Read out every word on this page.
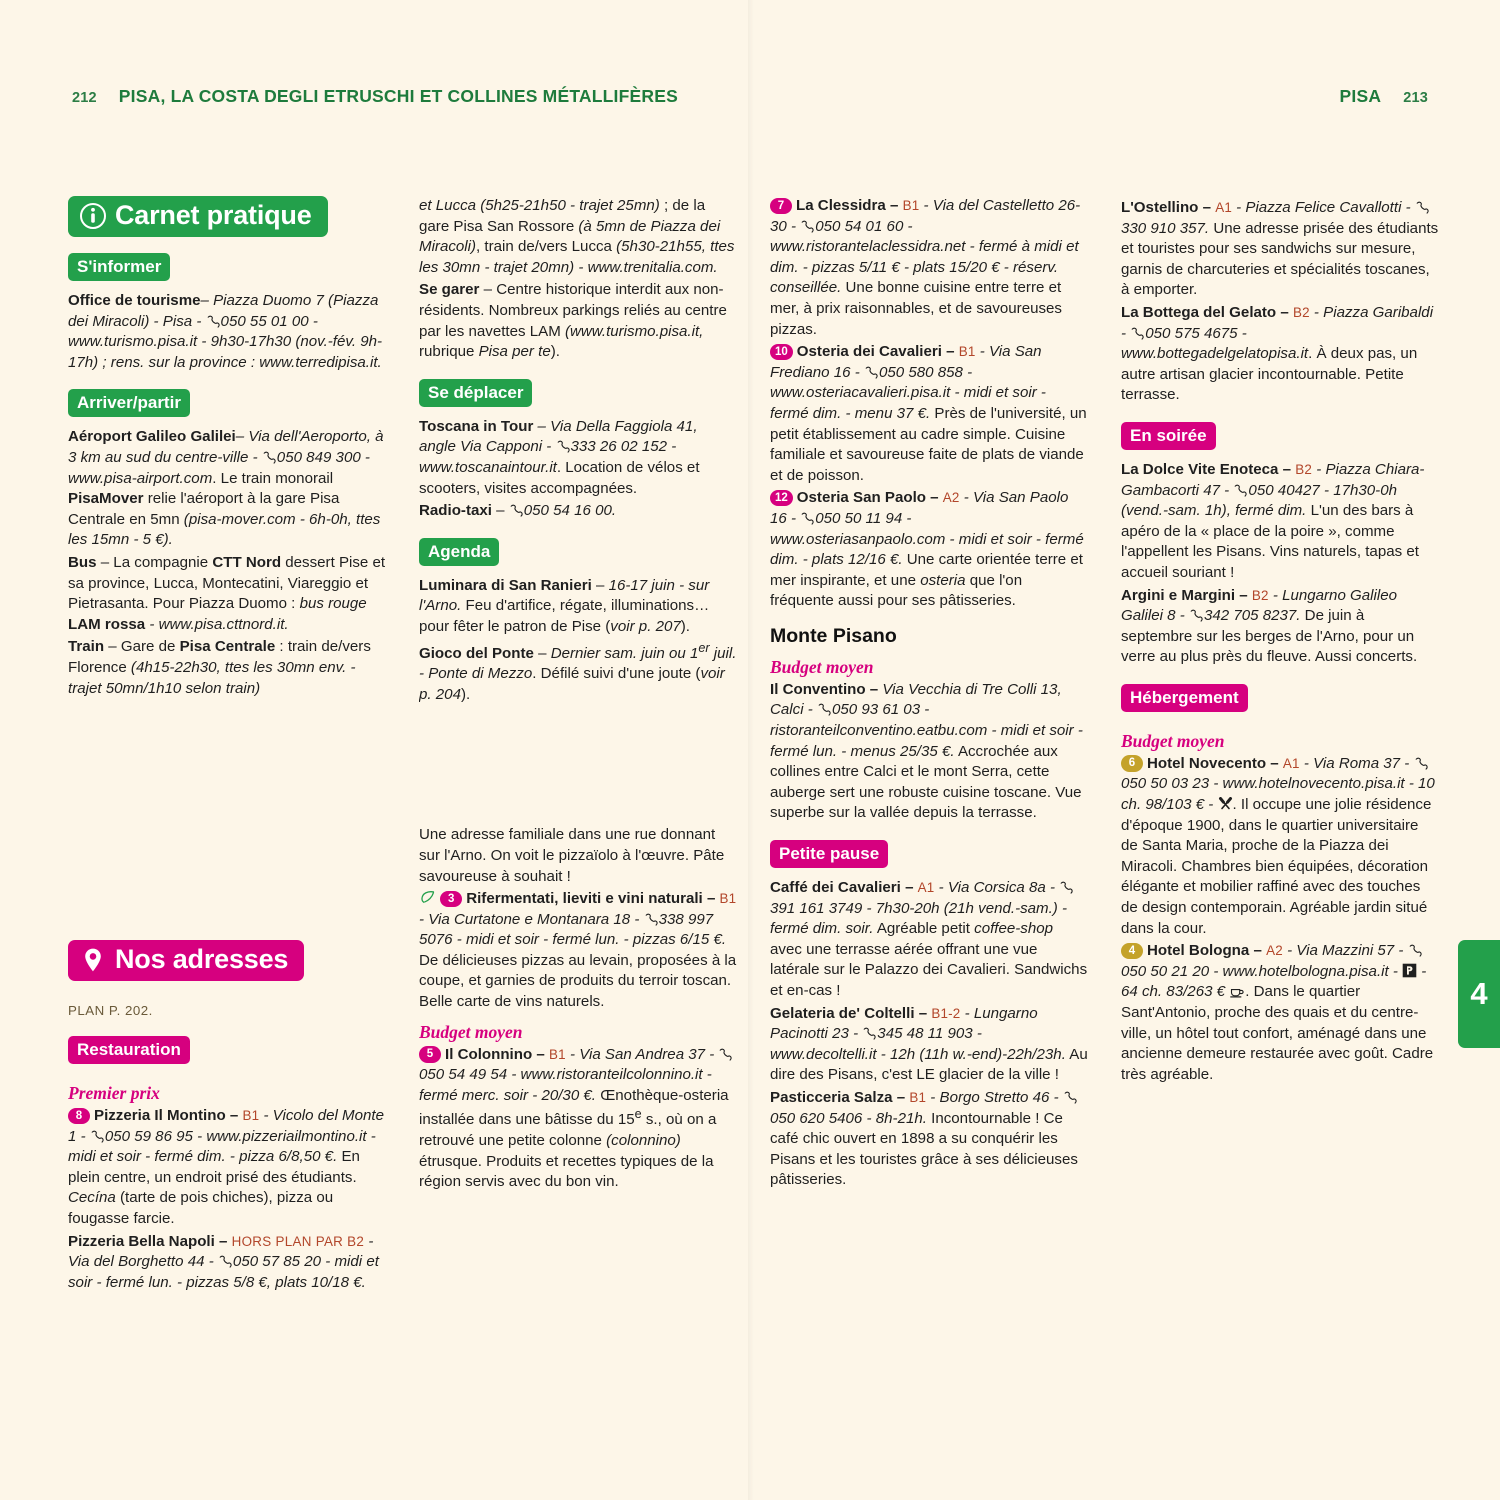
212 PISA, LA COSTA DEGLI ETRUSCHI ET COLLINES MÉTALLIFÈRES	PISA 213
4
Carnet pratique
S'informer

Office de tourisme– Piazza Duomo 7 (Piazza dei Miracoli) - Pisa -
050 55 01 00 - www.turismo.pisa.it - 9h30-17h30 (nov.-fév. 9h-17h) ; rens. sur la province : www.terredipisa.it.

Arriver/partir

Aéroport Galileo Galilei– Via dell'Aeroporto, à 3 km au sud du centre-ville -
050 849 300 - www.pisa-airport.com. Le train monorail PisaMover relie l'aéroport à la gare Pisa Centrale en 5mn (pisa-mover.com - 6h-0h, ttes les 15mn - 5 €).

Bus – La compagnie CTT Nord dessert Pise et sa province, Lucca, Montecatini, Viareggio et Pietrasanta. Pour Piazza Duomo : bus rouge LAM rossa - www.pisa.cttnord.it.

Train – Gare de Pisa Centrale : train de/vers Florence (4h15-22h30, ttes les 30mn env. - trajet 50mn/1h10 selon train)

et Lucca (5h25-21h50 - trajet 25mn) ; de la gare Pisa San Rossore (à 5mn de Piazza dei Miracoli), train de/vers Lucca (5h30-21h55, ttes les 30mn - trajet 20mn) - www.trenitalia.com.

Se garer – Centre historique interdit aux non-résidents. Nombreux parkings reliés au centre par les navettes LAM (www.turismo.pisa.it, rubrique Pisa per te).

Se déplacer

Toscana in Tour – Via Della Faggiola 41, angle Via Capponi -
333 26 02 152 - www.toscanaintour.it. Location de vélos et scooters, visites accompagnées.

Radio-taxi –
050 54 16 00.

Agenda

Luminara di San Ranieri – 16-17 juin - sur l'Arno. Feu d'artifice, régate, illuminations… pour fêter le patron de Pise (voir p. 207).

Gioco del Ponte – Dernier sam. juin ou 1er juil. - Ponte di Mezzo. Défilé suivi d'une joute (voir p. 204).

Une adresse familiale dans une rue donnant sur l'Arno. On voit le pizzaïolo à l'œuvre. Pâte savoureuse à souhait !

3 Rifermentati, lieviti e vini naturali – B1 - Via Curtatone e Montanara 18 -
338 997 5076 - midi et soir - fermé lun. - pizzas 6/15 €. De délicieuses pizzas au levain, proposées à la coupe, et garnies de produits du terroir toscan. Belle carte de vins naturels.

Budget moyen

5 Il Colonnino – B1 - Via San Andrea 37 -
050 54 49 54 - www.ristoranteilcolonnino.it - fermé merc. soir - 20/30 €. Œnothèque-osteria installée dans une bâtisse du 15e s., où on a retrouvé une petite colonne (colonnino) étrusque. Produits et recettes typiques de la région servis avec du bon vin.

7 La Clessidra – B1 - Via del Castelletto 26-30 -
050 54 01 60 - www.ristorantelaclessidra.net - fermé à midi et dim. - pizzas 5/11 € - plats 15/20 € - réserv. conseillée. Une bonne cuisine entre terre et mer, à prix raisonnables, et de savoureuses pizzas.

10 Osteria dei Cavalieri – B1 - Via San Frediano 16 -
050 580 858 - www.osteriacavalieri.pisa.it - midi et soir - fermé dim. - menu 37 €. Près de l'université, un petit établissement au cadre simple. Cuisine familiale et savoureuse faite de plats de viande et de poisson.

12 Osteria San Paolo – A2 - Via San Paolo 16 -
050 50 11 94 - www.osteriasanpaolo.com - midi et soir - fermé dim. - plats 12/16 €. Une carte orientée terre et mer inspirante, et une osteria que l'on fréquente aussi pour ses pâtisseries.

Monte Pisano
Budget moyen

Il Conventino – Via Vecchia di Tre Colli 13, Calci -
050 93 61 03 - ristoranteilconventino.eatbu.com - midi et soir - fermé lun. - menus 25/35 €. Accrochée aux collines entre Calci et le mont Serra, cette auberge sert une robuste cuisine toscane. Vue superbe sur la vallée depuis la terrasse.

Petite pause

Caffé dei Cavalieri – A1 - Via Corsica 8a -
391 161 3749 - 7h30-20h (21h vend.-sam.) - fermé dim. soir. Agréable petit coffee-shop avec une terrasse aérée offrant une vue latérale sur le Palazzo dei Cavalieri. Sandwichs et en-cas !

Gelateria de' Coltelli – B1-2 - Lungarno Pacinotti 23 -
345 48 11 903 - www.decoltelli.it - 12h (11h w.-end)-22h/23h. Au dire des Pisans, c'est LE glacier de la ville !

Pasticceria Salza – B1 - Borgo Stretto 46 -
050 620 5406 - 8h-21h. Incontournable ! Ce café chic ouvert en 1898 a su conquérir les Pisans et les touristes grâce à ses délicieuses pâtisseries.

L'Ostellino – A1 - Piazza Felice Cavallotti -
330 910 357. Une adresse prisée des étudiants et touristes pour ses sandwichs sur mesure, garnis de charcuteries et spécialités toscanes, à emporter.

La Bottega del Gelato – B2 - Piazza Garibaldi -
050 575 4675 - www.bottegadelgelatopisa.it. À deux pas, un autre artisan glacier incontournable. Petite terrasse.

En soirée

La Dolce Vite Enoteca – B2 - Piazza Chiara-Gambacorti 47 -
050 40427 - 17h30-0h (vend.-sam. 1h), fermé dim. L'un des bars à apéro de la « place de la poire », comme l'appellent les Pisans. Vins naturels, tapas et accueil souriant !

Argini e Margini – B2 - Lungarno Galileo Galilei 8 -
342 705 8237. De juin à septembre sur les berges de l'Arno, pour un verre au plus près du fleuve. Aussi concerts.

Hébergement
Budget moyen

6 Hotel Novecento – A1 - Via Roma 37 -
050 50 03 23 - www.hotelnovecento.pisa.it - 10 ch. 98/103 € -
. Il occupe une jolie résidence d'époque 1900, dans le quartier universitaire de Santa Maria, proche de la Piazza dei Miracoli. Chambres bien équipées, décoration élégante et mobilier raffiné avec des touches de design contemporain. Agréable jardin situé dans la cour.

4 Hotel Bologna – A2 - Via Mazzini 57 -
050 50 21 20 - www.hotelbologna.pisa.it -
- 64 ch. 83/263 €
. Dans le quartier Sant'Antonio, proche des quais et du centre-ville, un hôtel tout confort, aménagé dans une ancienne demeure restaurée avec goût. Cadre très agréable.

Nos adresses
PLAN P. 202.
Restauration
Premier prix

8 Pizzeria Il Montino – B1 - Vicolo del Monte 1 -
050 59 86 95 - www.pizzeriailmontino.it - midi et soir - fermé dim. - pizza 6/8,50 €. En plein centre, un endroit prisé des étudiants. Cecína (tarte de pois chiches), pizza ou fougasse farcie.

Pizzeria Bella Napoli – HORS PLAN PAR B2 - Via del Borghetto 44 -
050 57 85 20 - midi et soir - fermé lun. - pizzas 5/8 €, plats 10/18 €.
